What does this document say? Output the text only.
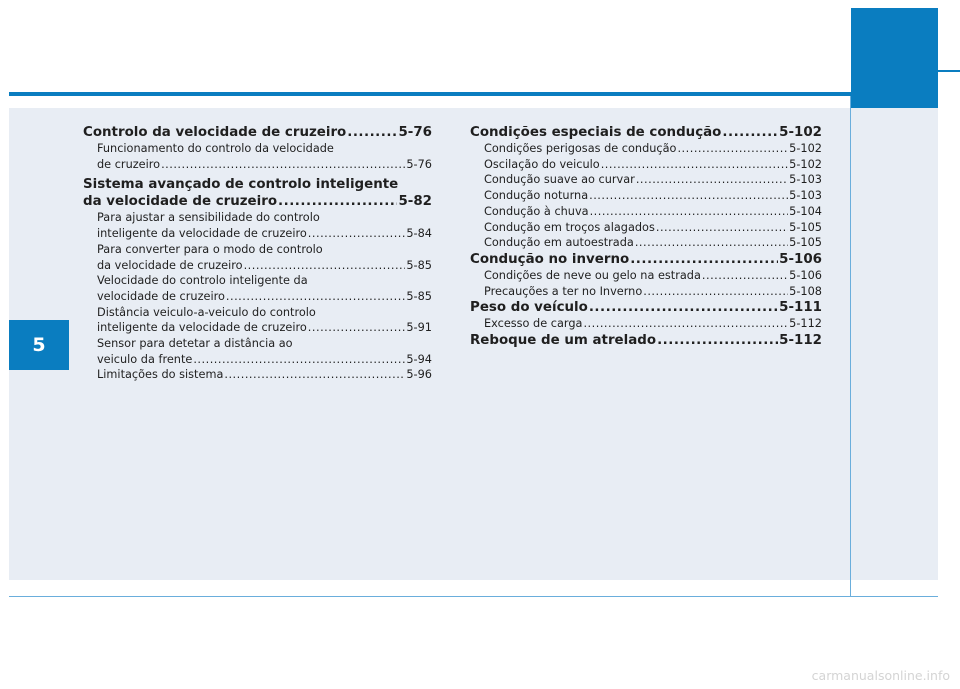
5
Controlo da velocidade de cruzeiro .....	5-76
Funcionamento do controlo da velocidade
de cruzeiro .....	5-76
Sistema avançado de controlo inteligente
da velocidade de cruzeiro .....	5-82
Para ajustar a sensibilidade do controlo
inteligente da velocidade de cruzeiro .....	5-84
Para converter para o modo de controlo
da velocidade de cruzeiro .....	5-85
Velocidade do controlo inteligente da
velocidade de cruzeiro .....	5-85
Distância veiculo-a-veiculo do controlo
inteligente da velocidade de cruzeiro .....	5-91
Sensor para detetar a distância ao
veiculo da frente .....	5-94
Limitações do sistema .....	5-96
Condições especiais de condução .....	5-102
Condições perigosas de condução .....	5-102
Oscilação do veiculo .....	5-102
Condução suave ao curvar .....	5-103
Condução noturna .....	5-103
Condução à chuva .....	5-104
Condução em troços alagados .....	5-105
Condução em autoestrada .....	5-105
Condução no inverno .....	5-106
Condições de neve ou gelo na estrada .....	5-106
Precauções a ter no Inverno .....	5-108
Peso do veículo .....	5-111
Excesso de carga .....	5-112
Reboque de um atrelado .....	5-112
carmanualsonline.info
